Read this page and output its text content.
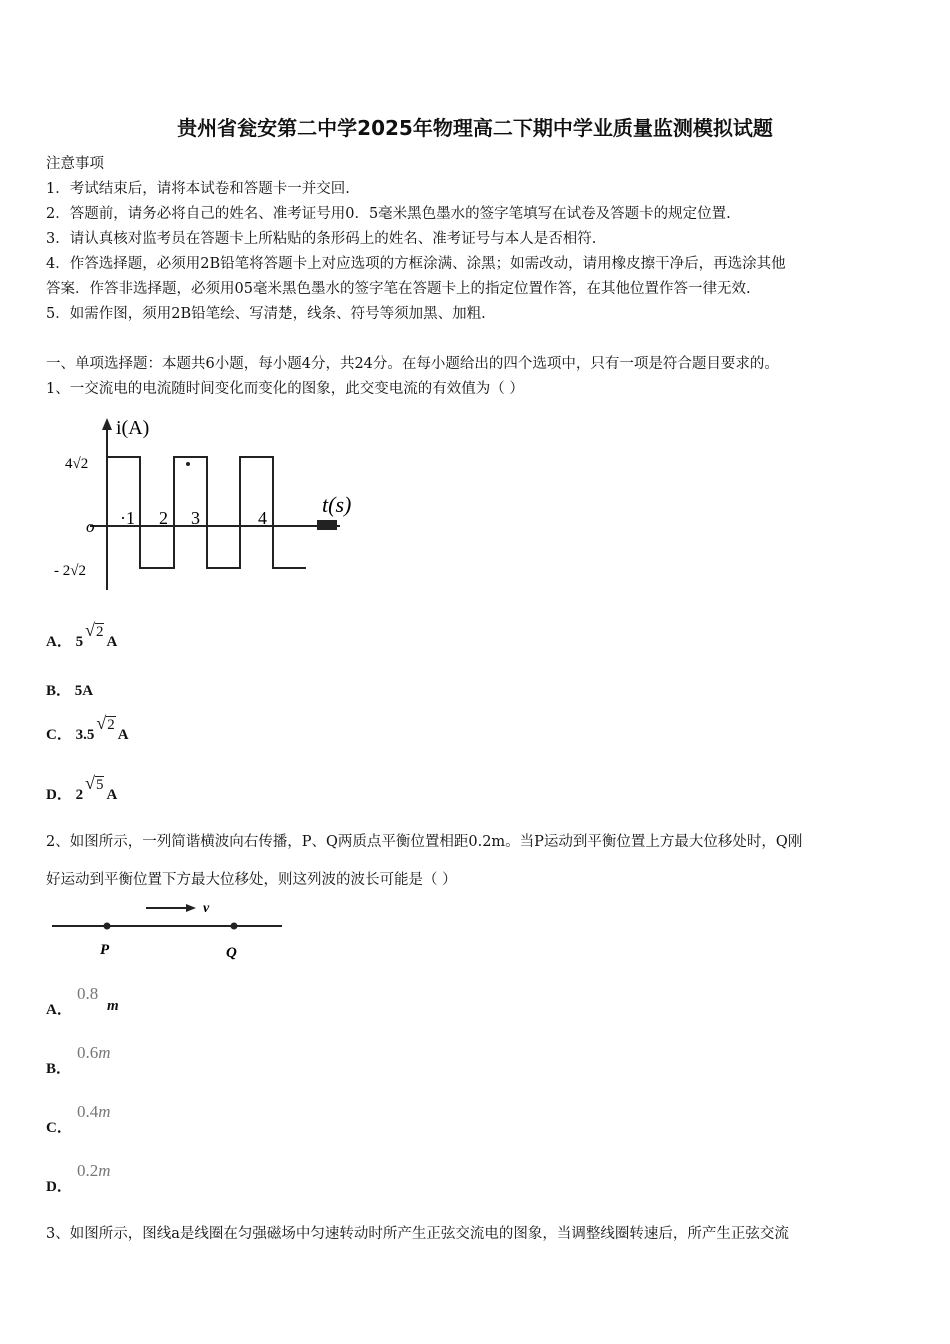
贵州省瓮安第二中学2025年物理高二下期中学业质量监测模拟试题
注意事项
1．考试结束后，请将本试卷和答题卡一并交回.
2．答题前，请务必将自己的姓名、准考证号用0．5毫米黑色墨水的签字笔填写在试卷及答题卡的规定位置.
3．请认真核对监考员在答题卡上所粘贴的条形码上的姓名、准考证号与本人是否相符.
4．作答选择题，必须用2B铅笔将答题卡上对应选项的方框涂满、涂黑；如需改动，请用橡皮擦干净后，再选涂其他
答案．作答非选择题，必须用05毫米黑色墨水的签字笔在答题卡上的指定位置作答，在其他位置作答一律无效.
5．如需作图，须用2B铅笔绘、写清楚，线条、符号等须加黑、加粗.
一、单项选择题：本题共6小题，每小题4分，共24分。在每小题给出的四个选项中，只有一项是符合题目要求的。
1、一交流电的电流随时间变化而变化的图象，此交变电流的有效值为（ ）
i(A)
t(s)
o
4√2
- 2√2
·1 2 3	4
A． 5√2A
B． 5A
C． 3.5√2A
D． 2√5A
2、如图所示，一列简谐横波向右传播，P、Q两质点平衡位置相距0.2m。当P运动到平衡位置上方最大位移处时，Q刚
好运动到平衡位置下方最大位移处，则这列波的波长可能是（ ）
v
P	Q
A．
0.8
m
B．
0.6m
C．
0.4m
D．
0.2m
3、如图所示，图线a是线圈在匀强磁场中匀速转动时所产生正弦交流电的图象，当调整线圈转速后，所产生正弦交流
